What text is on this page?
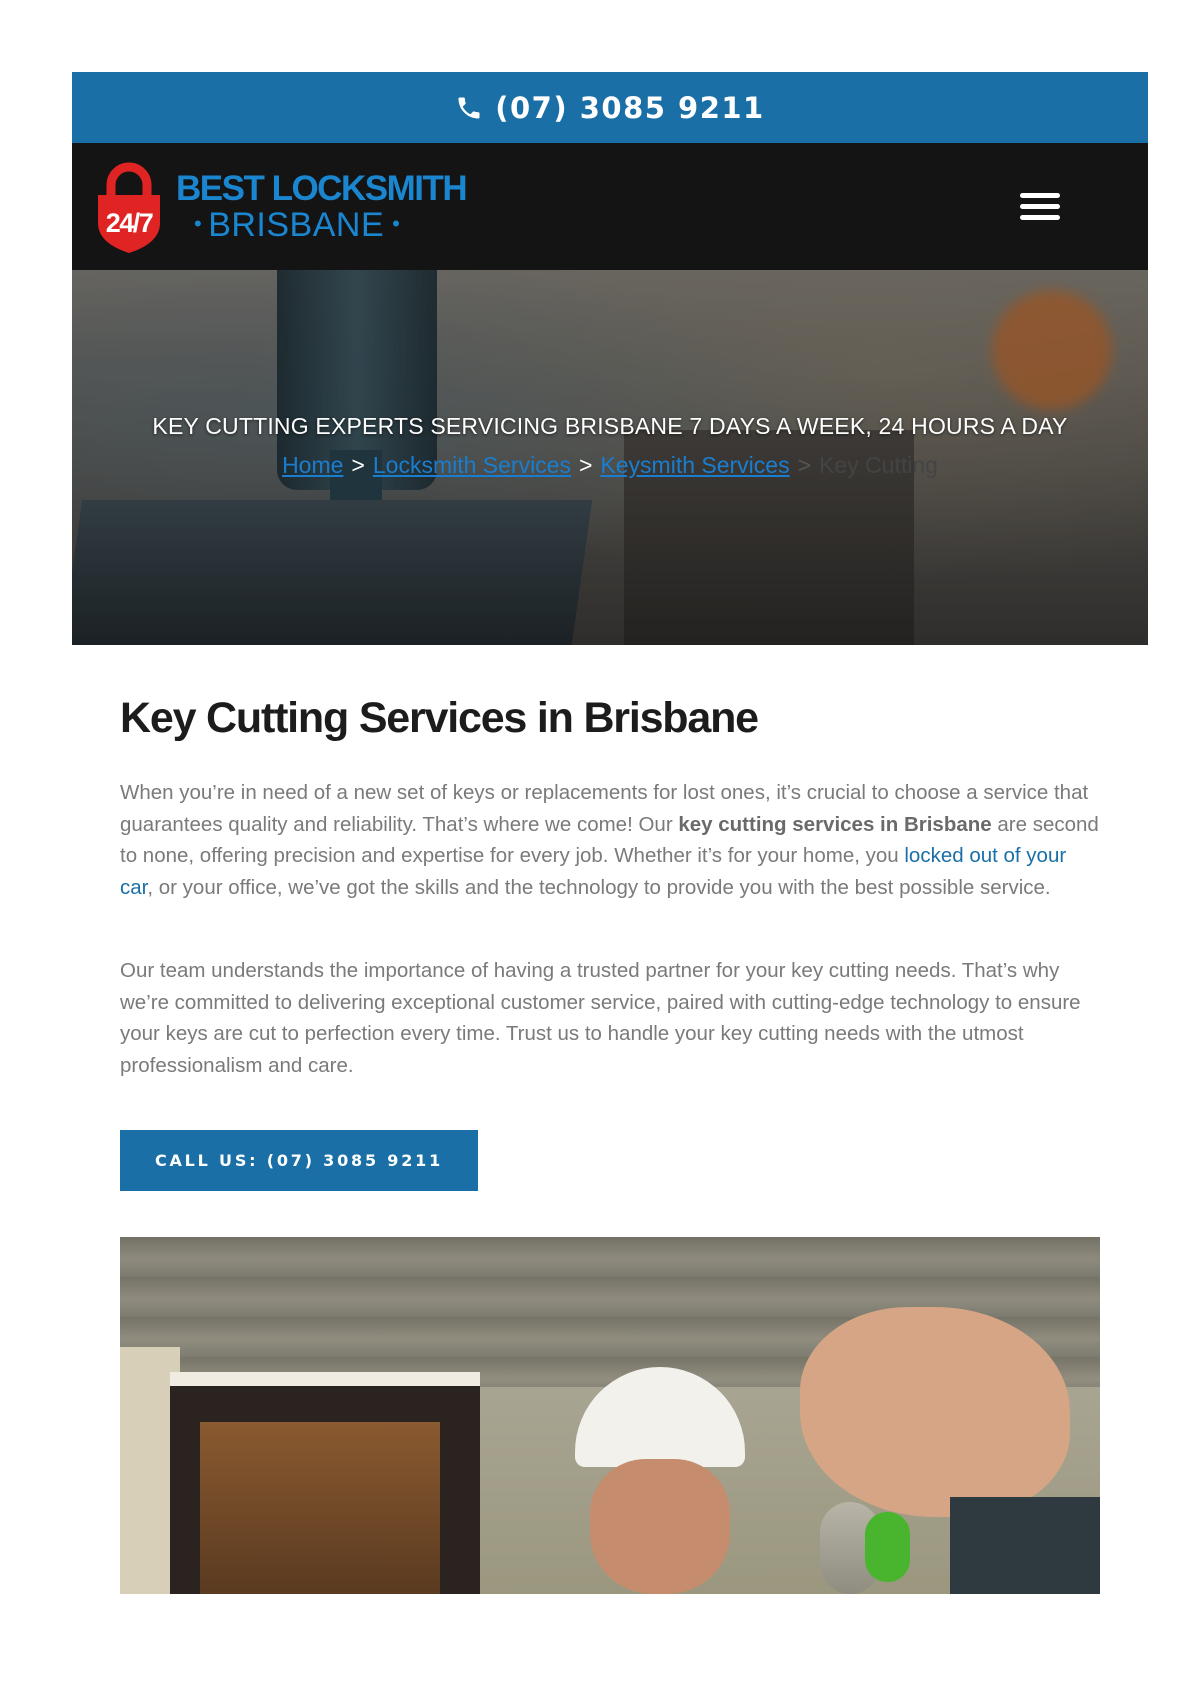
(07) 3085 9211
24/7
BEST LOCKSMITH
• BRISBANE •
KEY CUTTING EXPERTS SERVICING BRISBANE 7 DAYS A WEEK, 24 HOURS A DAY
Home > Locksmith Services > Keysmith Services > Key Cutting
Key Cutting Services in Brisbane

When you’re in need of a new set of keys or replacements for lost ones, it’s crucial to choose a service that guarantees quality and reliability. That’s where we come! Our key cutting services in Brisbane are second to none, offering precision and expertise for every job. Whether it’s for your home, you locked out of your car, or your office, we’ve got the skills and the technology to provide you with the best possible service.

Our team understands the importance of having a trusted partner for your key cutting needs. That’s why we’re committed to delivering exceptional customer service, paired with cutting-edge technology to ensure your keys are cut to perfection every time. Trust us to handle your key cutting needs with the utmost professionalism and care.

CALL US: (07) 3085 9211
